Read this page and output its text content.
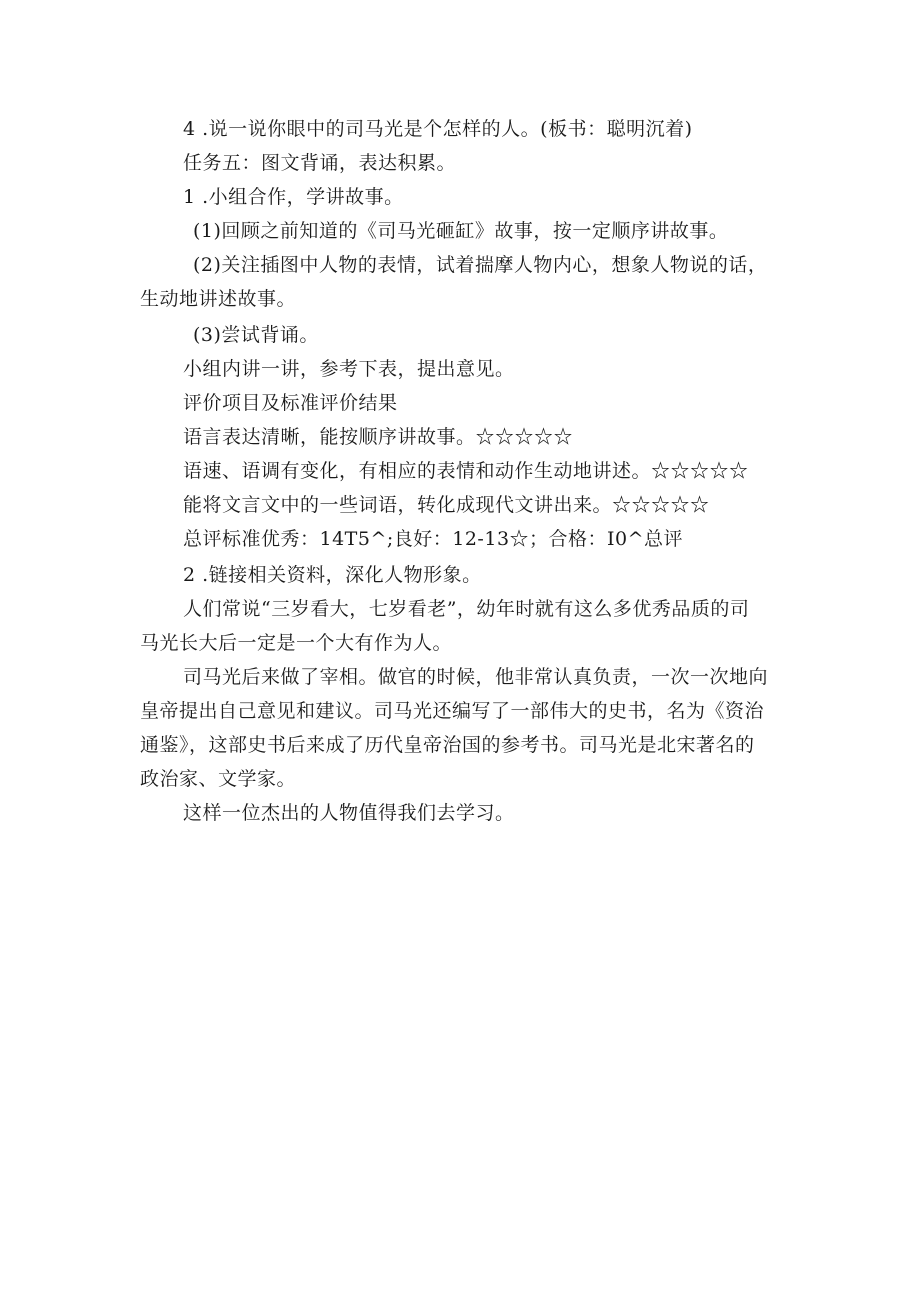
4 .说一说你眼中的司马光是个怎样的人。(板书：聪明沉着)
任务五：图文背诵，表达积累。
1 .小组合作，学讲故事。
(1)回顾之前知道的《司马光砸缸》故事，按一定顺序讲故事。
(2)关注插图中人物的表情，试着揣摩人物内心，想象人物说的话，
生动地讲述故事。
(3)尝试背诵。
小组内讲一讲，参考下表，提出意见。
评价项目及标准评价结果
语言表达清晰，能按顺序讲故事。☆☆☆☆☆
语速、语调有变化，有相应的表情和动作生动地讲述。☆☆☆☆☆
能将文言文中的一些词语，转化成现代文讲出来。☆☆☆☆☆
总评标准优秀：14T5^;良好：12-13☆；合格：I0^总评
2 .链接相关资料，深化人物形象。
人们常说“三岁看大，七岁看老”，幼年时就有这么多优秀品质的司
马光长大后一定是一个大有作为人。
司马光后来做了宰相。做官的时候，他非常认真负责，一次一次地向
皇帝提出自己意见和建议。司马光还编写了一部伟大的史书，名为《资治
通鉴》，这部史书后来成了历代皇帝治国的参考书。司马光是北宋著名的
政治家、文学家。
这样一位杰出的人物值得我们去学习。
